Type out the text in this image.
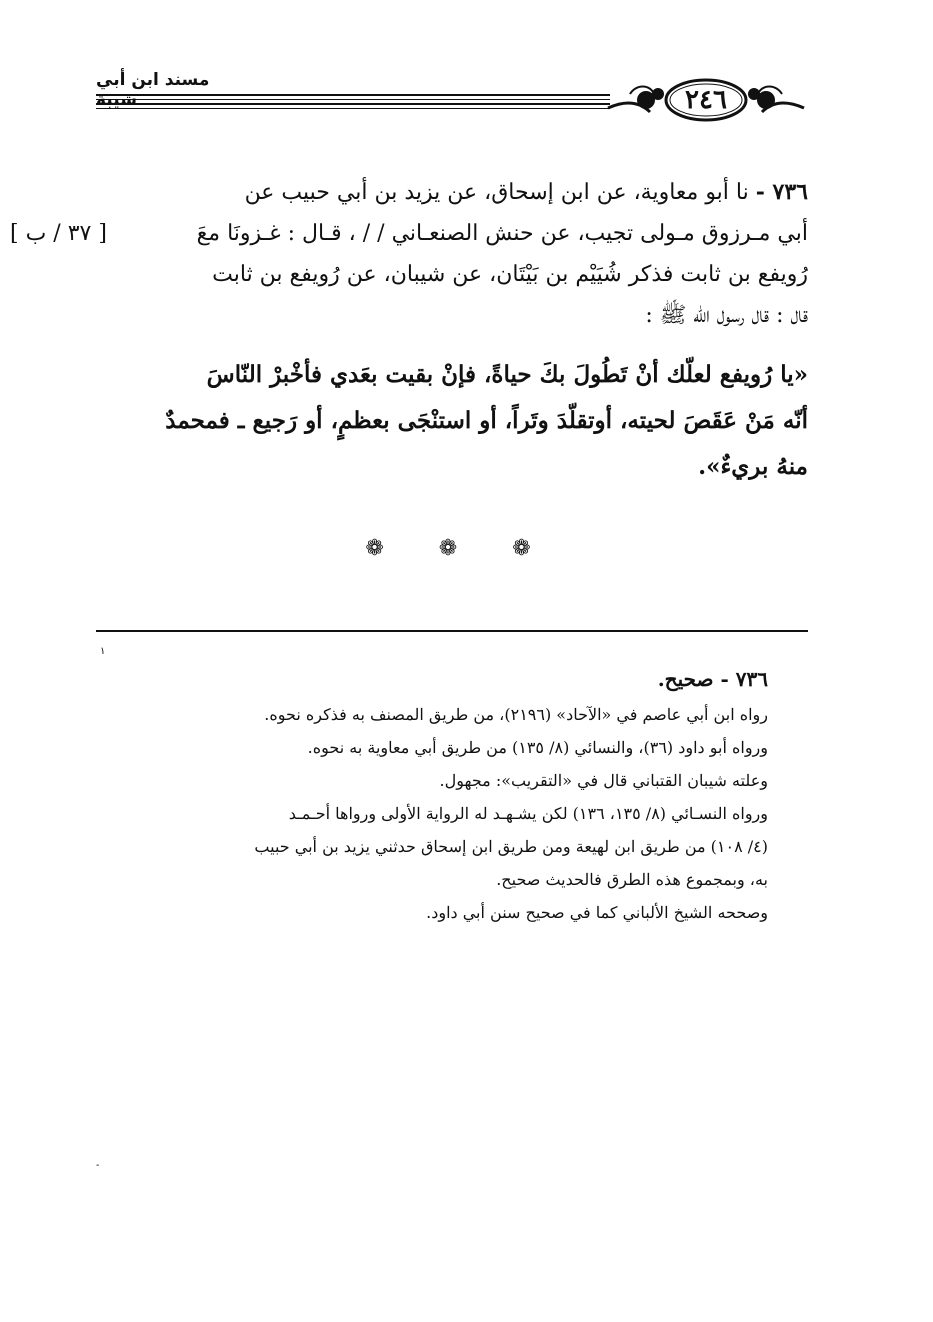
مسند ابن أبي شيبة	٢٤٦

٧٣٦ - نا أبو معاوية، عن ابن إسحاق، عن يزيد بن أبي حبيب عن

أبي مـرزوق مـولى تجيب، عن حنش الصنعـاني / / ، قـال : غـزونَا معَ
[ ٣٧ / ب ]

رُويفع بن ثابت فذكر شُيَيْم بن بَيْتَان، عن شيبان، عن رُويفع بن ثابت

قال : قال رسول الله ﷺ :

«يا رُويفع لعلّك أنْ تَطُولَ بكَ حياةً، فإنْ بقيت بعَدي فأخْبرْ النّاسَ

أنّه مَنْ عَقَصَ لحيته، أوتقلّدَ وتَراً، أو استنْجَى بعظمٍ، أو رَجيع ـ فمحمدٌ

منهُ بريءٌ».

❁ ❁ ❁
١
-

٧٣٦ - صحيح.

رواه ابن أبي عاصم في «الآحاد» (٢١٩٦)، من طريق المصنف به فذكره نحوه.

ورواه أبو داود (٣٦)، والنسائي (٨/ ١٣٥) من طريق أبي معاوية به نحوه.

وعلته شيبان القتباني قال في «التقريب»: مجهول.

ورواه النسـائي (٨/ ١٣٥، ١٣٦) لكن يشـهـد له الرواية الأولى ورواها أحـمـد

(٤/ ١٠٨) من طريق ابن لهيعة ومن طريق ابن إسحاق حدثني يزيد بن أبي حبيب

به، وبمجموع هذه الطرق فالحديث صحيح.

وصححه الشيخ الألباني كما في صحيح سنن أبي داود.
